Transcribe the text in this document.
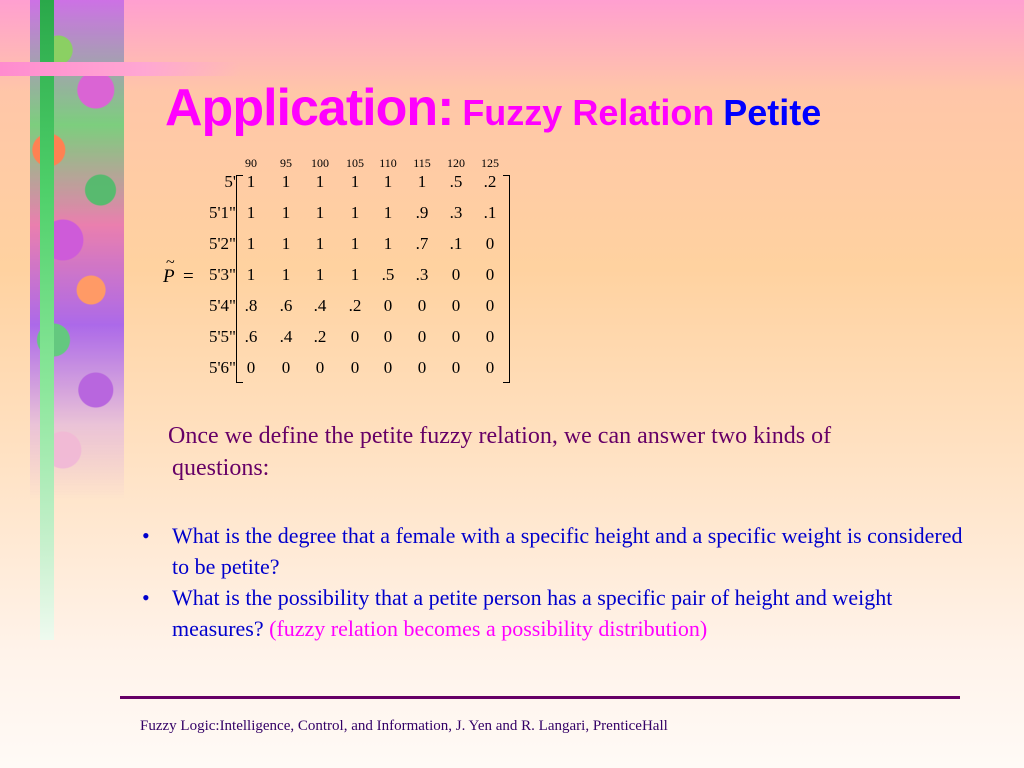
Application: Fuzzy Relation Petite
~
P =
90 95 100 105 110 115 120 125
5'
5'1"
5'2"
5'3"
5'4"
5'5"
5'6"
1 1 1 1 1 1 .5 .2
1 1 1 1 1 .9 .3 .1
1 1 1 1 1 .7 .1 0
1 1 1 1 .5 .3 0 0
.8 .6 .4 .2 0 0 0 0
.6 .4 .2 0 0 0 0 0
0 0 0 0 0 0 0 0

Once we define the petite fuzzy relation, we can answer two kinds of
questions:

• What is the degree that a female with a specific height and a specific weight is considered to be petite?
• What is the possibility that a petite person has a specific pair of height and weight measures? (fuzzy relation becomes a possibility distribution)
Fuzzy Logic:Intelligence, Control, and Information, J. Yen and R. Langari, PrenticeHall
